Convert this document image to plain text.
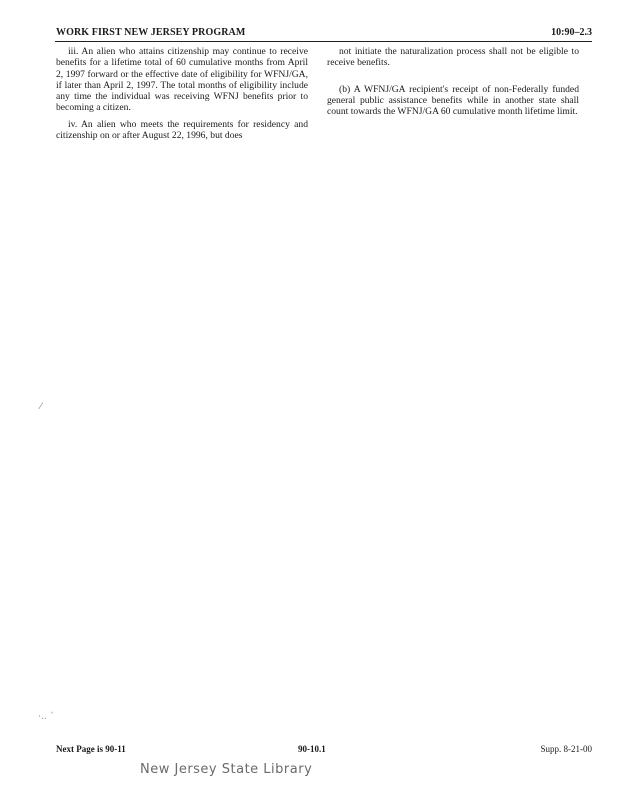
WORK FIRST NEW JERSEY PROGRAM	10:90–2.3

iii. An alien who attains citizenship may continue to receive benefits for a lifetime total of 60 cumulative months from April 2, 1997 forward or the effective date of eligibility for WFNJ/GA, if later than April 2, 1997. The total months of eligibility include any time the individual was receiving WFNJ benefits prior to becoming a citizen.

iv. An alien who meets the requirements for residency and citizenship on or after August 22, 1996, but does

not initiate the naturalization process shall not be eligible to receive benefits.

(b) A WFNJ/GA recipient's receipt of non-Federally funded general public assistance benefits while in another state shall count towards the WFNJ/GA 60 cumulative month lifetime limit.

⁄
·.. ˊ
Next Page is 90-11	90-10.1	Supp. 8-21-00
New Jersey State Library
